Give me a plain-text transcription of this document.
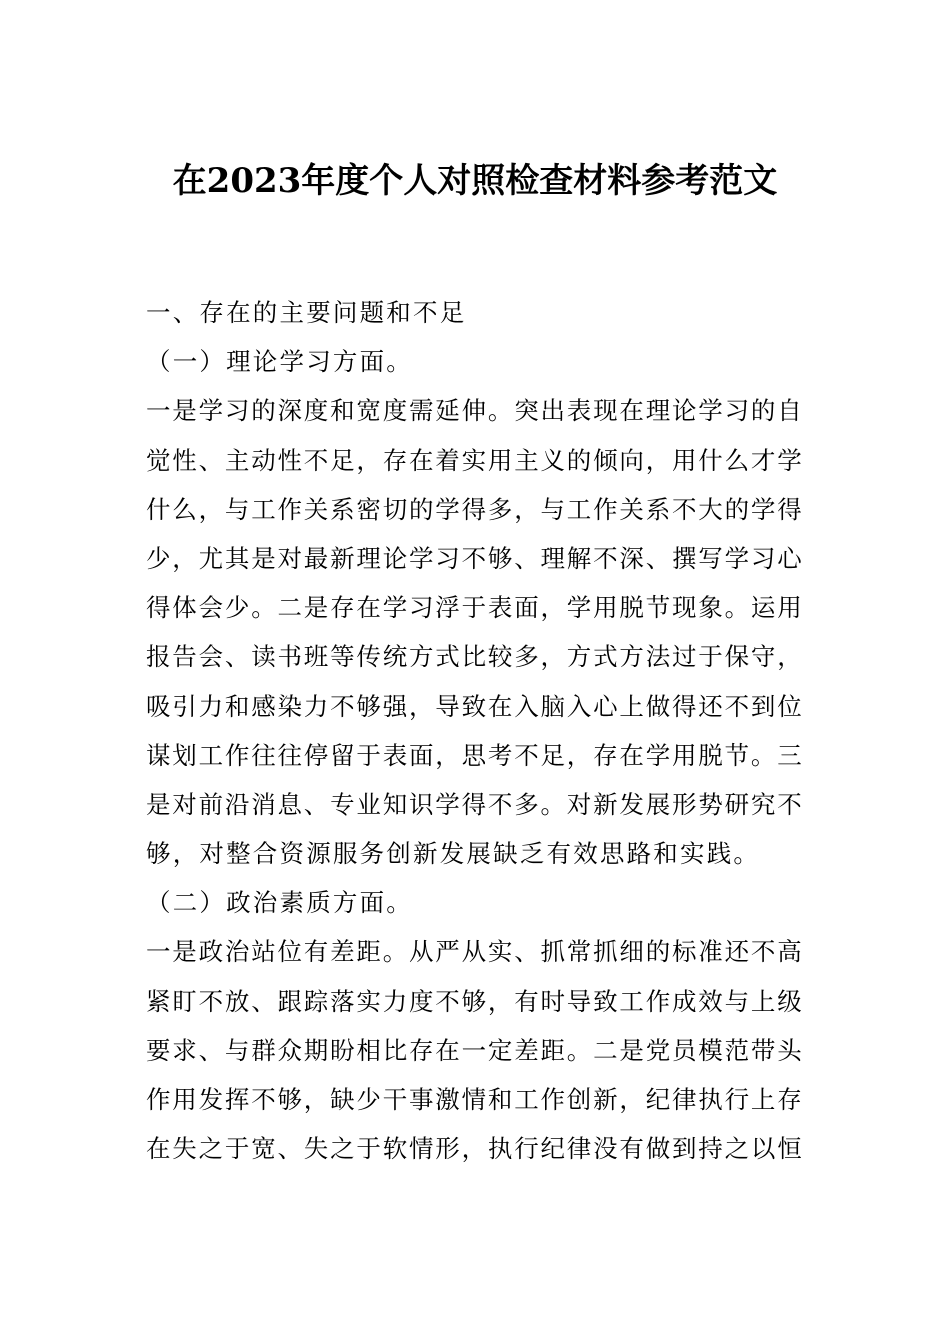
在2023年度个人对照检查材料参考范文
一、存在的主要问题和不足
（一）理论学习方面。
一是学习的深度和宽度需延伸。突出表现在理论学习的自
觉性、主动性不足，存在着实用主义的倾向，用什么才学
什么，与工作关系密切的学得多，与工作关系不大的学得
少，尤其是对最新理论学习不够、理解不深、撰写学习心
得体会少。二是存在学习浮于表面，学用脱节现象。运用
报告会、读书班等传统方式比较多，方式方法过于保守，
吸引力和感染力不够强，导致在入脑入心上做得还不到位
谋划工作往往停留于表面，思考不足，存在学用脱节。三
是对前沿消息、专业知识学得不多。对新发展形势研究不
够，对整合资源服务创新发展缺乏有效思路和实践。
（二）政治素质方面。
一是政治站位有差距。从严从实、抓常抓细的标准还不高
紧盯不放、跟踪落实力度不够，有时导致工作成效与上级
要求、与群众期盼相比存在一定差距。二是党员模范带头
作用发挥不够，缺少干事激情和工作创新，纪律执行上存
在失之于宽、失之于软情形，执行纪律没有做到持之以恒
